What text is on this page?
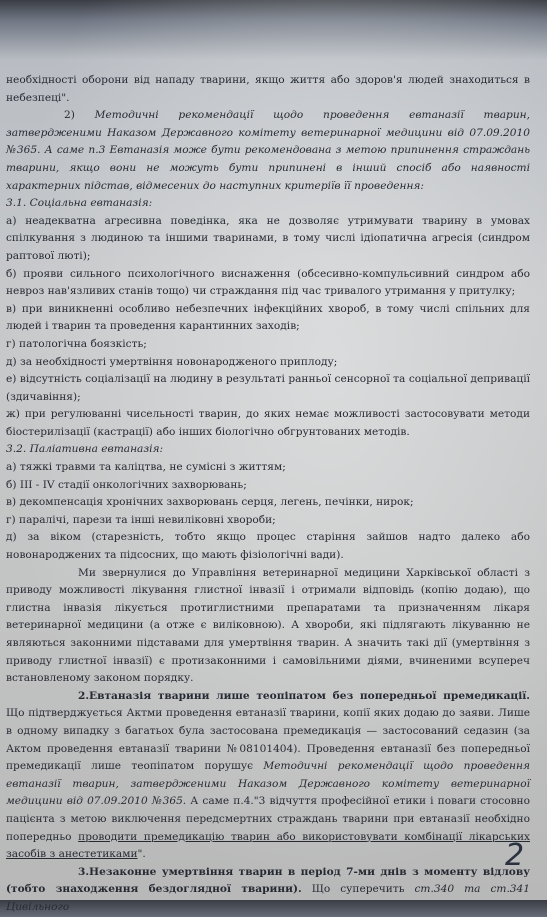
необхідності оборони від нападу тварини, якщо життя або здоров'я людей знаходиться в небезпеці".

2) Методичні рекомендації щодо проведення евтаназії тварин, затвердженими Наказом Державного комітету ветеринарної медицини від 07.09.2010 №365. А саме п.3 Евтаназія може бути рекомендована з метою припинення страждань тварини, якщо вони не можуть бути припинені в інший спосіб або наявності характерних підстав, відмесених до наступних критеріїв її проведення:

3.1. Соціальна евтаназія:

а) неадекватна агресивна поведінка, яка не дозволяє утримувати тварину в умовах спілкування з людиною та іншими тваринами, в тому числі ідіопатична агресія (синдром раптової люті);

б) прояви сильного психологічного виснаження (обсесивно-компульсивний синдром або невроз нав'язливих станів тощо) чи страждання під час тривалого утримання у притулку;

в) при виникненні особливо небезпечних інфекційних хвороб, в тому числі спільних для людей і тварин та проведення карантинних заходів;

г) патологічна боязкість;

д) за необхідності умертвіння новонародженого приплоду;

е) відсутність соціалізації на людину в результаті ранньої сенсорної та соціальної депривації (здичавіння);

ж) при регулюванні чисельності тварин, до яких немає можливості застосовувати методи біостерилізації (кастрації) або інших біологічно обгрунтованих методів.

3.2. Паліативна евтаназія:

а) тяжкі травми та каліцтва, не сумісні з життям;

б) ІІІ - IV стадії онкологічних захворювань;

в) декомпенсація хронічних захворювань серця, легень, печінки, нирок;

г) паралічі, парези та інші невиліковні хвороби;

д) за віком (старезність, тобто якщо процес старіння зайшов надто далеко або новонароджених та підсосних, що мають фізіологічні вади).

Ми звернулися до Управління ветеринарної медицини Харківської області з приводу можливості лікування глистної інвазії і отримали відповідь (копію додаю), що глистна інвазія лікується протиглистними препаратами та призначенням лікаря ветеринарної медицини (а отже є виліковною). А хвороби, які підлягають лікуванню не являються законними підставами для умертвіння тварин. А значить такі дії (умертвіння з приводу глистної інвазії) є протизаконними і самовільними діями, вчиненими всупереч встановленому законом порядку.

2.Евтаназія тварини лише теопіпатом без попередньої премедикації. Що підтверджується Актми проведення евтаназії тварини, копії яких додаю до заяви. Лише в одному випадку з багатьох була застосована премедикація — застосований седазин (за Актом проведення евтаназії тварини №08101404). Проведення евтаназії без попередньої премедикації лише теопіпатом порушує Методичні рекомендації щодо проведення евтаназії тварин, затвердженими Наказом Державного комітету ветеринарної медицини від 07.09.2010 №365. А саме п.4."3 відчуття професійної етики і поваги стосовно пацієнта з метою виключення передсмертних страждань тварини при евтаназії необхідно попередньо проводити премедикацію тварин або використовувати комбінації лікарських засобів з анестетиками".

3.Незаконне умертвіння тварин в період 7-ми днів з моменту відлову (тобто знаходження бездоглядної тварини). Що суперечить ст.340 та ст.341 Цивільного

2
